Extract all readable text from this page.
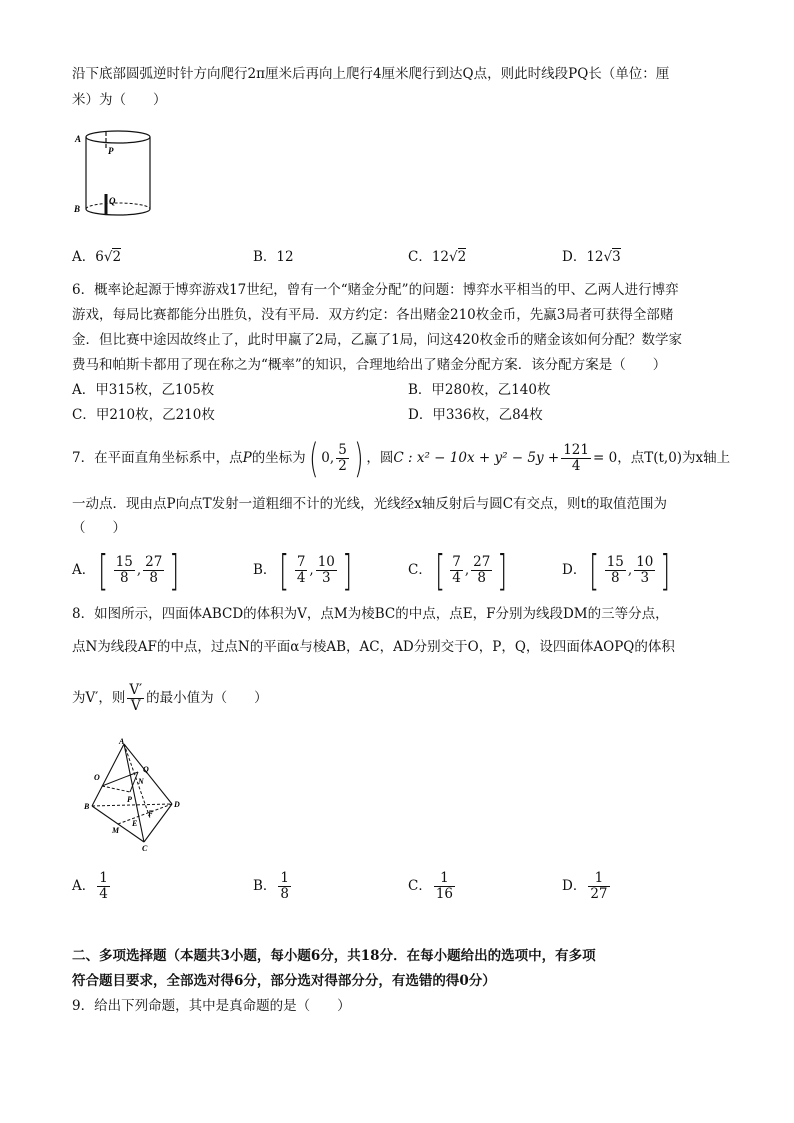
沿下底部圆弧逆时针方向爬行2π厘米后再向上爬行4厘米爬行到达Q点，则此时线段PQ长（单位：厘
米）为（　　）
A
P
B
Q
A．6√2	B．12	C．12√2	D．12√3
6．概率论起源于博弈游戏17世纪，曾有一个“赌金分配”的问题：博弈水平相当的甲、乙两人进行博弈
游戏，每局比赛都能分出胜负，没有平局．双方约定：各出赌金210枚金币，先赢3局者可获得全部赌
金．但比赛中途因故终止了，此时甲赢了2局，乙赢了1局，问这420枚金币的赌金该如何分配？数学家
费马和帕斯卡都用了现在称之为“概率”的知识，合理地给出了赌金分配方案．该分配方案是（　　）
A．甲315枚，乙105枚	B．甲280枚，乙140枚
C．甲210枚，乙210枚	D．甲336枚，乙84枚
7．在平面直角坐标系中，点P的坐标为( 0, $\frac{5}{2}$ ) ，圆C : $x^2 - 10x + y^2 - 5y + \frac{121}{4} = 0$，点T(t,0)为x轴上
一动点．现由点P向点T发射一道粗细不计的光线，光线经x轴反射后与圆C有交点，则t的取值范围为
（　　）
A．[ $\frac{15}{8}$ , $\frac{27}{8}$ ]	B．[ $\frac{7}{4}$ , $\frac{10}{3}$ ]	C．[ $\frac{7}{4}$ , $\frac{27}{8}$ ]	D．[ $\frac{15}{8}$ , $\frac{10}{3}$ ]
8．如图所示，四面体ABCD的体积为V，点M为棱BC的中点，点E，F分别为线段DM的三等分点，
点N为线段AF的中点，过点N的平面α与棱AB，AC，AD分别交于O，P，Q，设四面体AOPQ的体积
为V′，则 $\frac{V'}{V}$ 的最小值为（　　）
A
B
C
D
O
P
Q
N
M
E
F
A． $\frac{1}{4}$	B． $\frac{1}{8}$	C． $\frac{1}{16}$	D． $\frac{1}{27}$
二、多项选择题（本题共3小题，每小题6分，共18分．在每小题给出的选项中，有多项
符合题目要求，全部选对得6分，部分选对得部分分，有选错的得0分）
9．给出下列命题，其中是真命题的是（　　）
